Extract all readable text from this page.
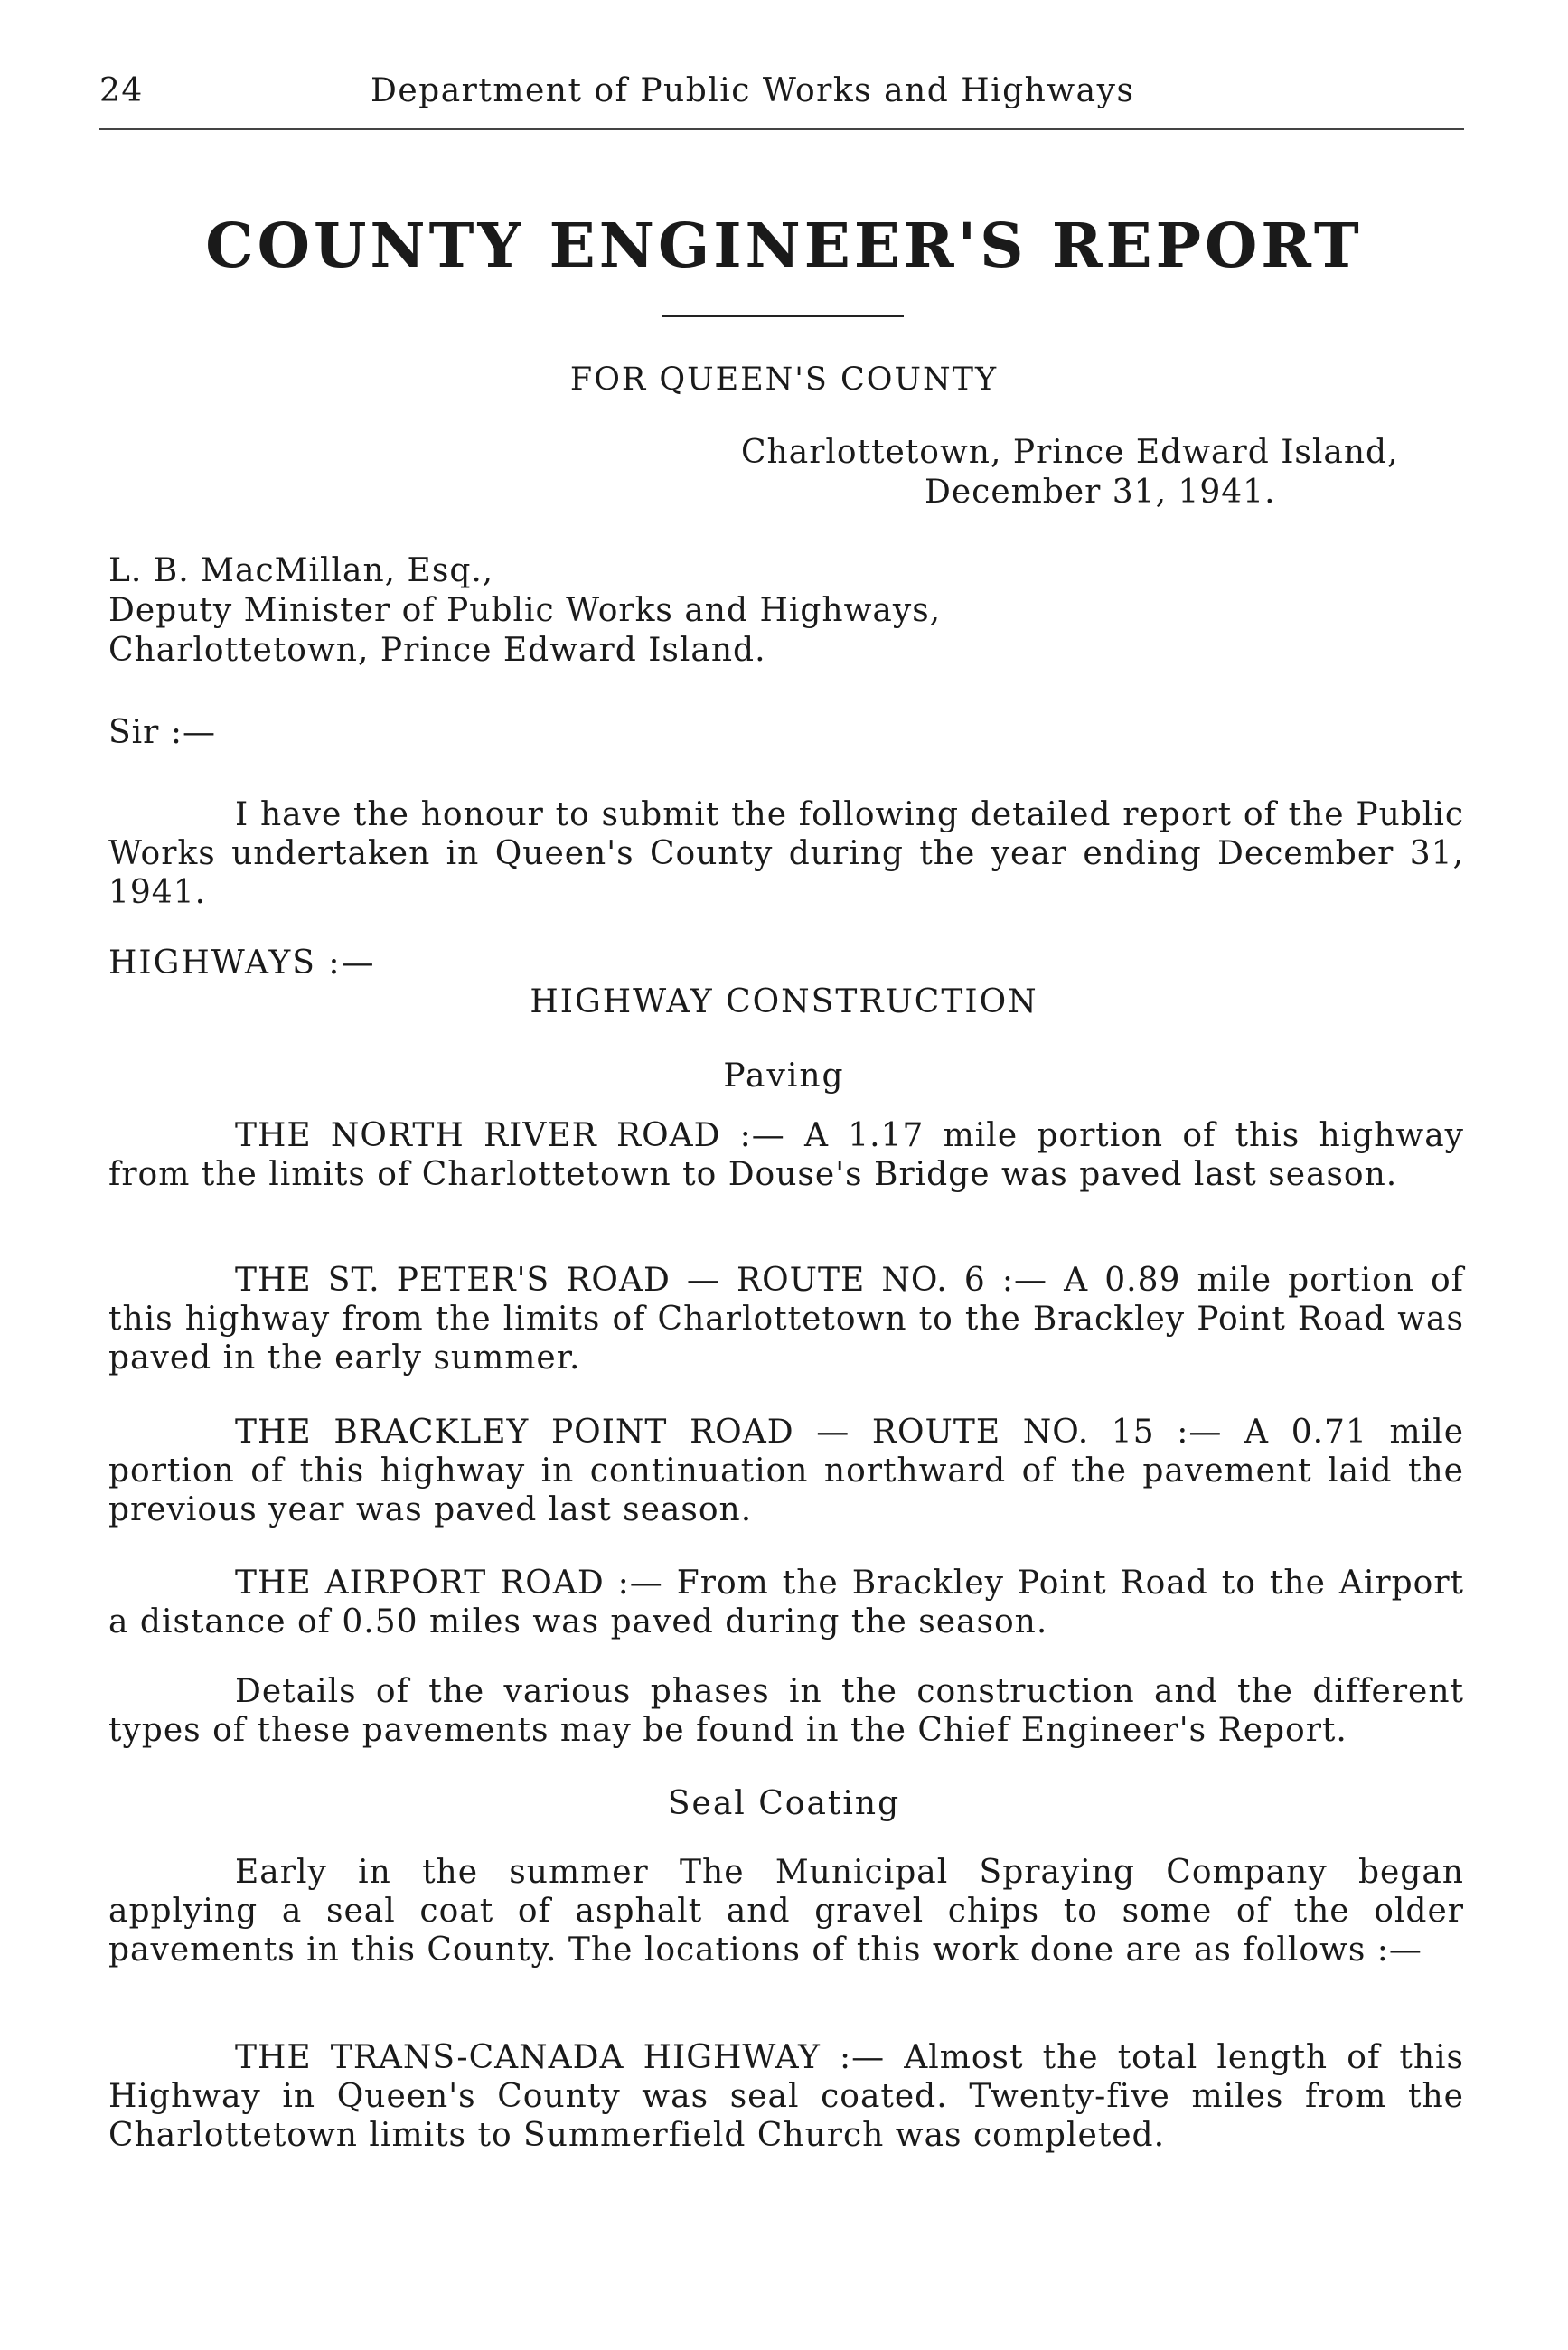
24	Department of Public Works and Highways
COUNTY ENGINEER'S REPORT
FOR QUEEN'S COUNTY
Charlottetown, Prince Edward Island,
December 31, 1941.
L. B. MacMillan, Esq.,
Deputy Minister of Public Works and Highways,
Charlottetown, Prince Edward Island.
Sir :—
I have the honour to submit the following detailed report of the Public Works undertaken in Queen's County during the year ending December 31, 1941.
HIGHWAYS :—
HIGHWAY CONSTRUCTION
Paving
THE NORTH RIVER ROAD :— A 1.17 mile portion of this highway from the limits of Charlottetown to Douse's Bridge was paved last season.
THE ST. PETER'S ROAD — ROUTE NO. 6 :— A 0.89 mile portion of this highway from the limits of Charlottetown to the Brackley Point Road was paved in the early summer.
THE BRACKLEY POINT ROAD — ROUTE NO. 15 :— A 0.71 mile portion of this highway in continuation northward of the pavement laid the previous year was paved last season.
THE AIRPORT ROAD :— From the Brackley Point Road to the Airport a distance of 0.50 miles was paved during the season.
Details of the various phases in the construction and the different types of these pavements may be found in the Chief Engineer's Report.
Seal Coating
Early in the summer The Municipal Spraying Company began applying a seal coat of asphalt and gravel chips to some of the older pavements in this County. The locations of this work done are as follows :—
THE TRANS-CANADA HIGHWAY :— Almost the total length of this Highway in Queen's County was seal coated. Twenty-five miles from the Charlottetown limits to Summerfield Church was completed.
